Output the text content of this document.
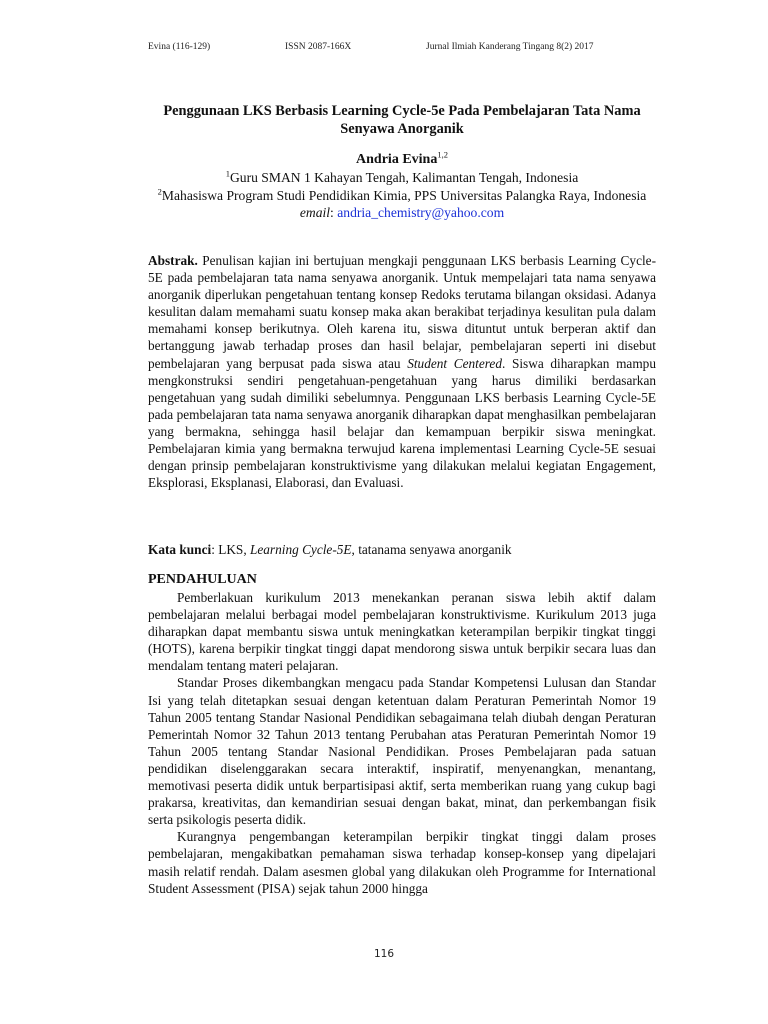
Evina (116-129)	ISSN 2087-166X	Jurnal Ilmiah Kanderang Tingang 8(2) 2017
Penggunaan LKS Berbasis Learning Cycle-5e Pada Pembelajaran Tata Nama Senyawa Anorganik
Andria Evina$^{1,2}$
$^1$Guru SMAN 1 Kahayan Tengah, Kalimantan Tengah, Indonesia
$^2$Mahasiswa Program Studi Pendidikan Kimia, PPS Universitas Palangka Raya, Indonesia
email: andria_chemistry@yahoo.com

Abstrak. Penulisan kajian ini bertujuan mengkaji penggunaan LKS berbasis Learning Cycle-5E pada pembelajaran tata nama senyawa anorganik. Untuk mempelajari tata nama senyawa anorganik diperlukan pengetahuan tentang konsep Redoks terutama bilangan oksidasi. Adanya kesulitan dalam memahami suatu konsep maka akan berakibat terjadinya kesulitan pula dalam memahami konsep berikutnya. Oleh karena itu, siswa dituntut untuk berperan aktif dan bertanggung jawab terhadap proses dan hasil belajar, pembelajaran seperti ini disebut pembelajaran yang berpusat pada siswa atau Student Centered. Siswa diharapkan mampu mengkonstruksi sendiri pengetahuan-pengetahuan yang harus dimiliki berdasarkan pengetahuan yang sudah dimiliki sebelumnya. Penggunaan LKS berbasis Learning Cycle-5E pada pembelajaran tata nama senyawa anorganik diharapkan dapat menghasilkan pembelajaran yang bermakna, sehingga hasil belajar dan kemampuan berpikir siswa meningkat. Pembelajaran kimia yang bermakna terwujud karena implementasi Learning Cycle-5E sesuai dengan prinsip pembelajaran konstruktivisme yang dilakukan melalui kegiatan Engagement, Eksplorasi, Eksplanasi, Elaborasi, dan Evaluasi.

Kata kunci: LKS, Learning Cycle-5E, tatanama senyawa anorganik

PENDAHULUAN

Pemberlakuan kurikulum 2013 menekankan peranan siswa lebih aktif dalam pembelajaran melalui berbagai model pembelajaran konstruktivisme. Kurikulum 2013 juga diharapkan dapat membantu siswa untuk meningkatkan keterampilan berpikir tingkat tinggi (HOTS), karena berpikir tingkat tinggi dapat mendorong siswa untuk berpikir secara luas dan mendalam tentang materi pelajaran.

Standar Proses dikembangkan mengacu pada Standar Kompetensi Lulusan dan Standar Isi yang telah ditetapkan sesuai dengan ketentuan dalam Peraturan Pemerintah Nomor 19 Tahun 2005 tentang Standar Nasional Pendidikan sebagaimana telah diubah dengan Peraturan Pemerintah Nomor 32 Tahun 2013 tentang Perubahan atas Peraturan Pemerintah Nomor 19 Tahun 2005 tentang Standar Nasional Pendidikan. Proses Pembelajaran pada satuan pendidikan diselenggarakan secara interaktif, inspiratif, menyenangkan, menantang, memotivasi peserta didik untuk berpartisipasi aktif, serta memberikan ruang yang cukup bagi prakarsa, kreativitas, dan kemandirian sesuai dengan bakat, minat, dan perkembangan fisik serta psikologis peserta didik.

Kurangnya pengembangan keterampilan berpikir tingkat tinggi dalam proses pembelajaran, mengakibatkan pemahaman siswa terhadap konsep-konsep yang dipelajari masih relatif rendah. Dalam asesmen global yang dilakukan oleh Programme for International Student Assessment (PISA) sejak tahun 2000 hingga

116
